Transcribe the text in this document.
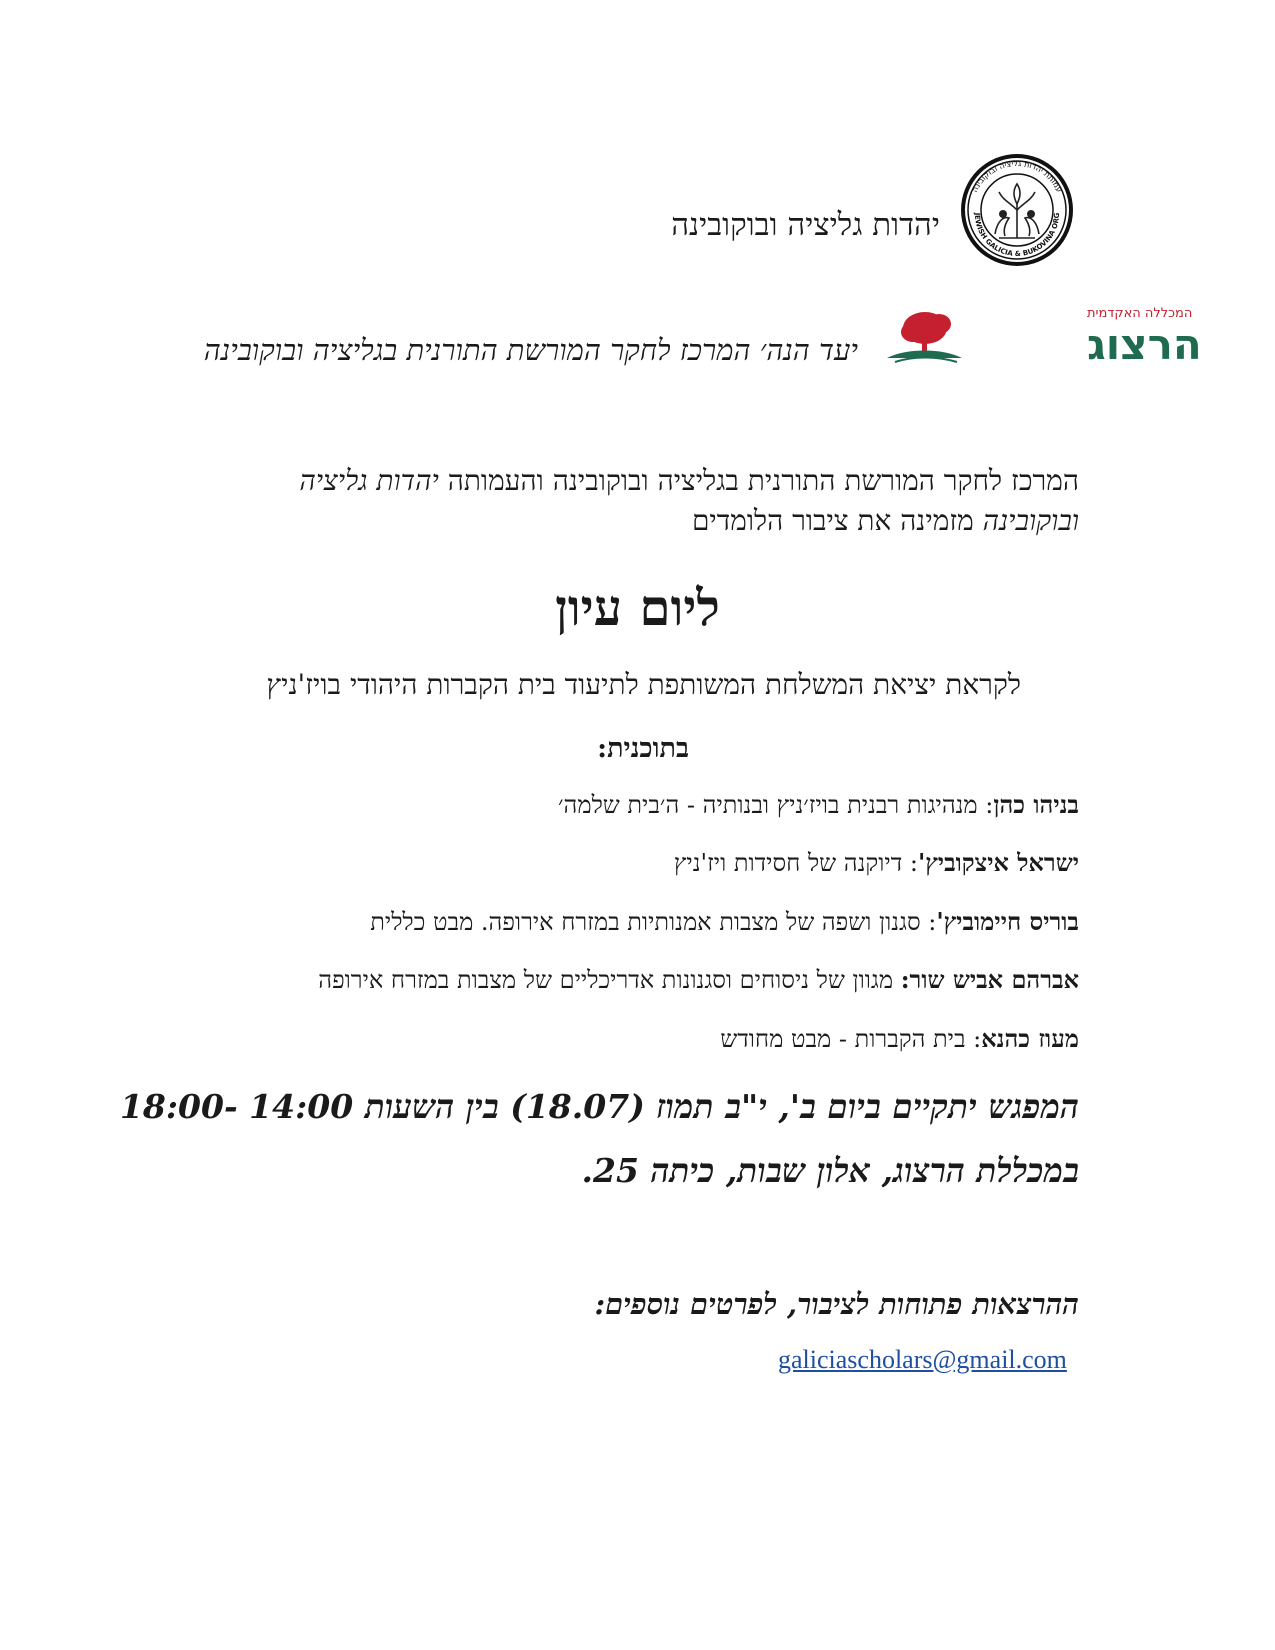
עמותת יהדות גליציה ובוקובינה
JEWISH GALICIA & BUKOVINA ORG
יהדות גליציה ובוקובינה
המכללה האקדמית
הרצוג
יעד הנה׳ המרכז לחקר המורשת התורנית בגליציה ובוקובינה
המרכז לחקר המורשת התורנית בגליציה ובוקובינה והעמותה יהדות גליציה ובוקובינה מזמינה את ציבור הלומדים
ליום עיון
לקראת יציאת המשלחת המשותפת לתיעוד בית הקברות היהודי בויז'ניץ
בתוכנית:
בניהו כהן: מנהיגות רבנית בויז׳ניץ ובנותיה - ה׳בית שלמה׳
ישראל איצקוביץ': דיוקנה של חסידות ויז'ניץ
בוריס חיימוביץ': סגנון ושפה של מצבות אמנותיות במזרח אירופה. מבט כללית
אברהם אביש שור: מגוון של ניסוחים וסגנונות אדריכליים של מצבות במזרח אירופה
מעוז כהנא: בית הקברות - מבט מחודש
המפגש יתקיים ביום ב', י"ב תמוז (18.07) בין השעות 14:00 -18:00
במכללת הרצוג, אלון שבות, כיתה 25.
ההרצאות פתוחות לציבור, לפרטים נוספים:
galiciascholars@gmail.com
